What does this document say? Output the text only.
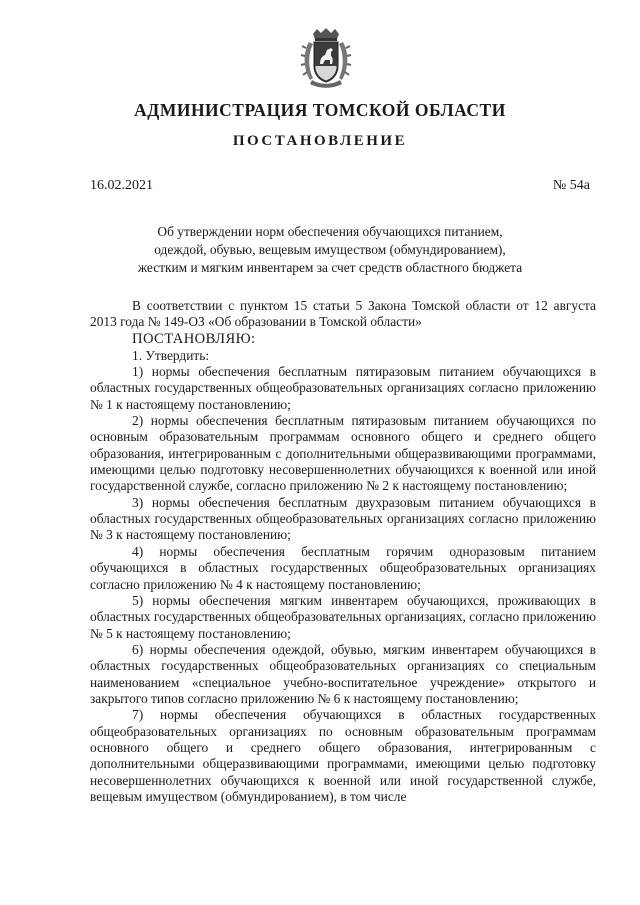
АДМИНИСТРАЦИЯ ТОМСКОЙ ОБЛАСТИ
ПОСТАНОВЛЕНИЕ
16.02.2021	№ 54а
Об утверждении норм обеспечения обучающихся питанием,
одеждой, обувью, вещевым имуществом (обмундированием),
жестким и мягким инвентарем за счет средств областного бюджета

В соответствии с пунктом 15 статьи 5 Закона Томской области от 12 августа 2013 года № 149-ОЗ «Об образовании в Томской области»

ПОСТАНОВЛЯЮ:

1. Утвердить:

1) нормы обеспечения бесплатным пятиразовым питанием обучающихся в областных государственных общеобразовательных организациях согласно приложению № 1 к настоящему постановлению;

2) нормы обеспечения бесплатным пятиразовым питанием обучающихся по основным образовательным программам основного общего и среднего общего образования, интегрированным с дополнительными общеразвивающими программами, имеющими целью подготовку несовершеннолетних обучающихся к военной или иной государственной службе, согласно приложению № 2 к настоящему постановлению;

3) нормы обеспечения бесплатным двухразовым питанием обучающихся в областных государственных общеобразовательных организациях согласно приложению № 3 к настоящему постановлению;

4) нормы обеспечения бесплатным горячим одноразовым питанием обучающихся в областных государственных общеобразовательных организациях согласно приложению № 4 к настоящему постановлению;

5) нормы обеспечения мягким инвентарем обучающихся, проживающих в областных государственных общеобразовательных организациях, согласно приложению № 5 к настоящему постановлению;

6) нормы обеспечения одеждой, обувью, мягким инвентарем обучающихся в областных государственных общеобразовательных организациях со специальным наименованием «специальное учебно-воспитательное учреждение» открытого и закрытого типов согласно приложению № 6 к настоящему постановлению;

7) нормы обеспечения обучающихся в областных государственных общеобразовательных организациях по основным образовательным программам основного общего и среднего общего образования, интегрированным с дополнительными общеразвивающими программами, имеющими целью подготовку несовершеннолетних обучающихся к военной или иной государственной службе, вещевым имуществом (обмундированием), в том числе
